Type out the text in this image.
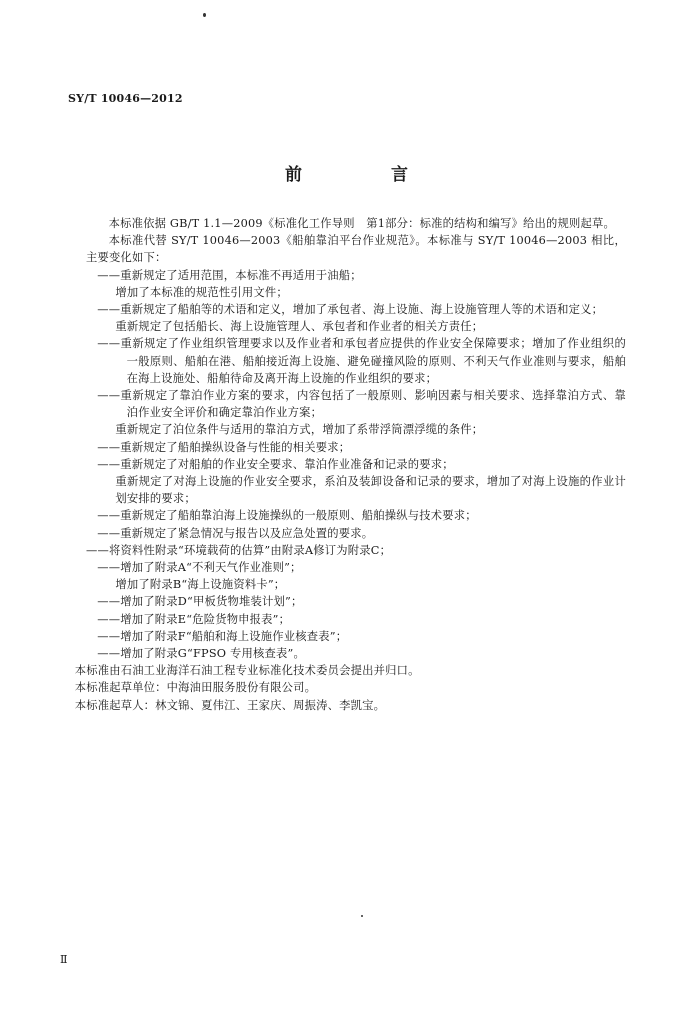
SY/T 10046—2012
前　言

本标准依据 GB/T 1.1—2009《标准化工作导则　第1部分：标准的结构和编写》给出的规则起草。

本标准代替 SY/T 10046—2003《船舶靠泊平台作业规范》。本标准与 SY/T 10046—2003 相比，主要变化如下：

——重新规定了适用范围，本标准不再适用于油船；

增加了本标准的规范性引用文件；

——重新规定了船舶等的术语和定义，增加了承包者、海上设施、海上设施管理人等的术语和定义；

重新规定了包括船长、海上设施管理人、承包者和作业者的相关方责任；

——重新规定了作业组织管理要求以及作业者和承包者应提供的作业安全保障要求；增加了作业组织的一般原则、船舶在港、船舶接近海上设施、避免碰撞风险的原则、不利天气作业准则与要求，船舶在海上设施处、船舶待命及离开海上设施的作业组织的要求；

——重新规定了靠泊作业方案的要求，内容包括了一般原则、影响因素与相关要求、选择靠泊方式、靠泊作业安全评价和确定靠泊作业方案；

重新规定了泊位条件与适用的靠泊方式，增加了系带浮筒漂浮缆的条件；

——重新规定了船舶操纵设备与性能的相关要求；

——重新规定了对船舶的作业安全要求、靠泊作业准备和记录的要求；

重新规定了对海上设施的作业安全要求，系泊及装卸设备和记录的要求，增加了对海上设施的作业计划安排的要求；

——重新规定了船舶靠泊海上设施操纵的一般原则、船舶操纵与技术要求；

——重新规定了紧急情况与报告以及应急处置的要求。

——将资料性附录“环境载荷的估算”由附录A修订为附录C；

——增加了附录A“不利天气作业准则”；

增加了附录B“海上设施资料卡”；

——增加了附录D“甲板货物堆装计划”；

——增加了附录E“危险货物申报表”；

——增加了附录F“船舶和海上设施作业核查表”；

——增加了附录G“FPSO 专用核查表”。

本标准由石油工业海洋石油工程专业标准化技术委员会提出并归口。

本标准起草单位：中海油田服务股份有限公司。

本标准起草人：林文锦、夏伟江、王家庆、周振涛、李凯宝。

Ⅱ
